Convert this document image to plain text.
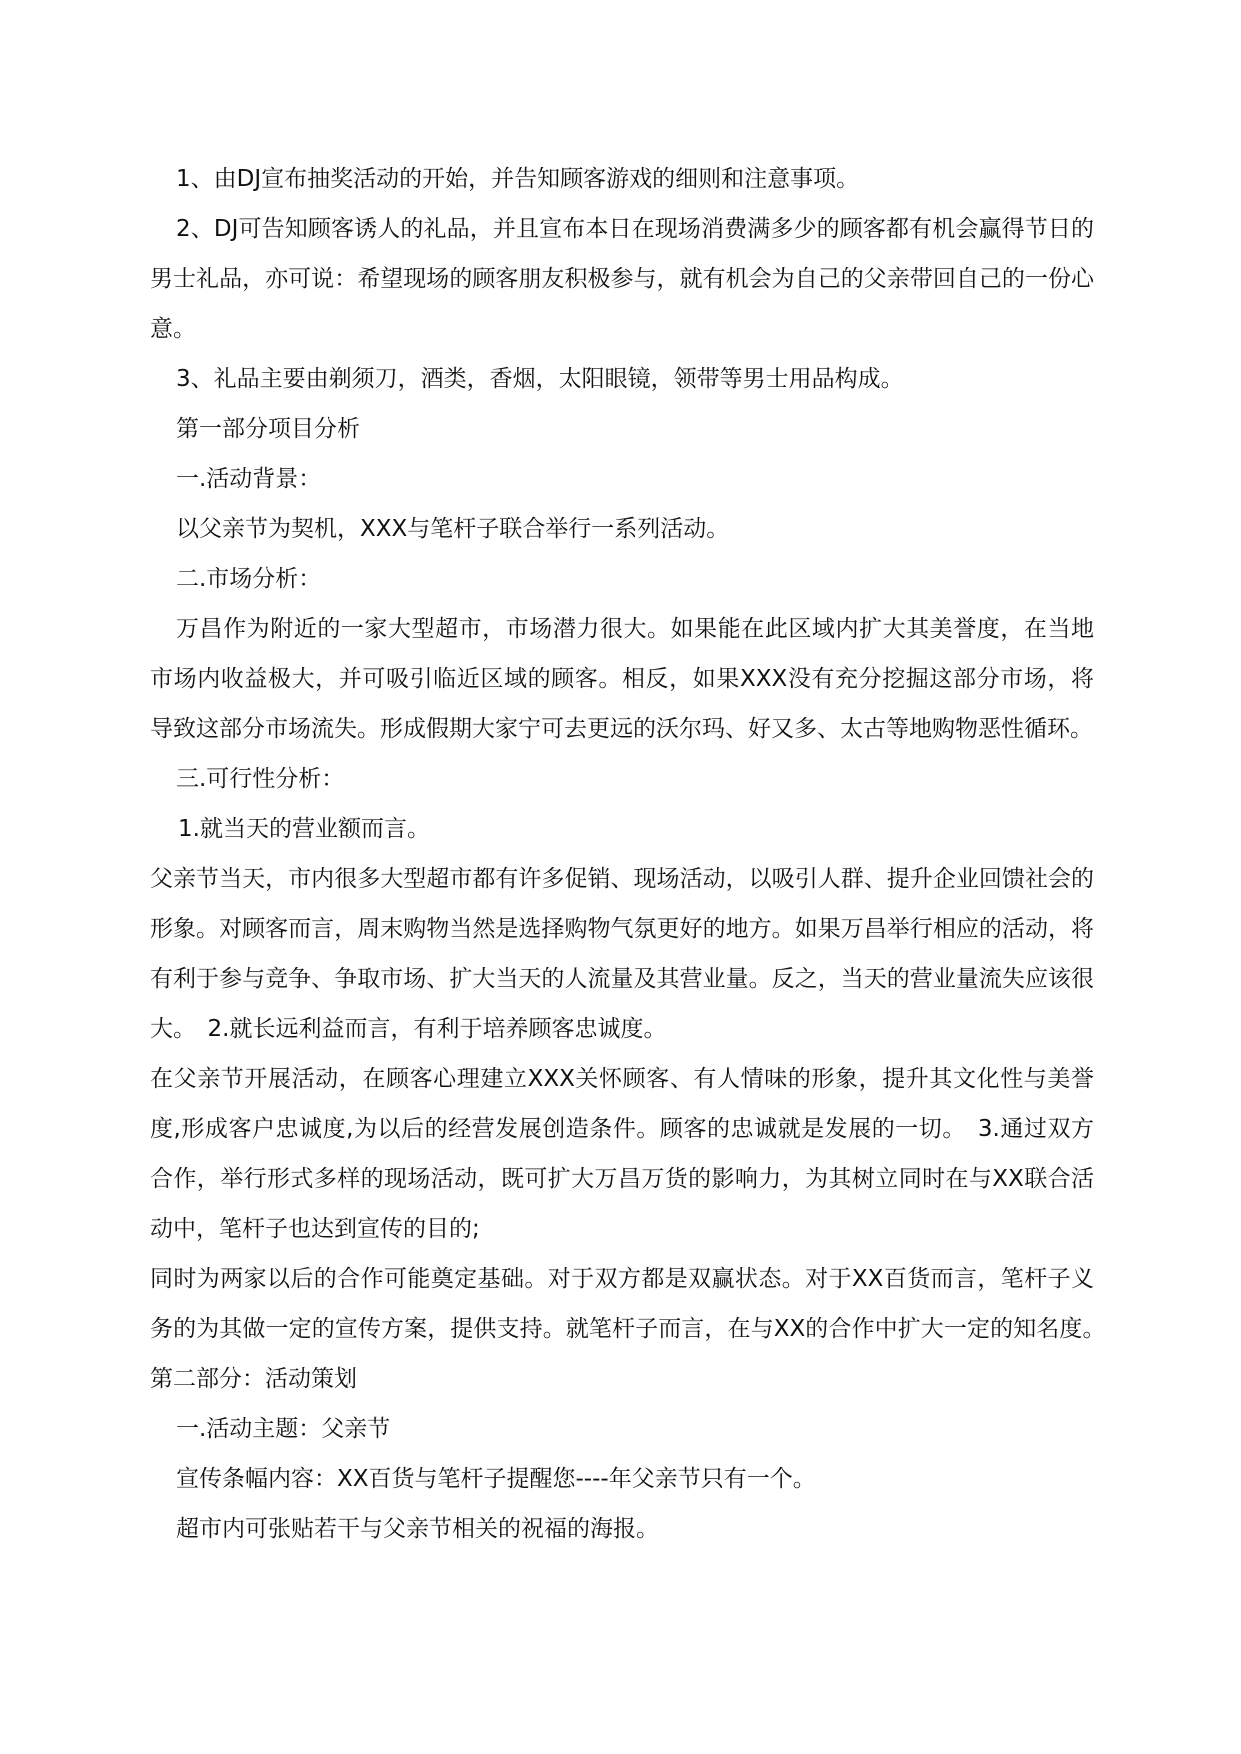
1、由DJ宣布抽奖活动的开始，并告知顾客游戏的细则和注意事项。

2、DJ可告知顾客诱人的礼品，并且宣布本日在现场消费满多少的顾客都有机会赢得节日的男士礼品，亦可说：希望现场的顾客朋友积极参与，就有机会为自己的父亲带回自己的一份心意。

3、礼品主要由剃须刀，酒类，香烟，太阳眼镜，领带等男士用品构成。

第一部分项目分析

一.活动背景：

以父亲节为契机，XXX与笔杆子联合举行一系列活动。

二.市场分析：

万昌作为附近的一家大型超市，市场潜力很大。如果能在此区域内扩大其美誉度，在当地市场内收益极大，并可吸引临近区域的顾客。相反，如果XXX没有充分挖掘这部分市场，将导致这部分市场流失。形成假期大家宁可去更远的沃尔玛、好又多、太古等地购物恶性循环。

三.可行性分析：

1.就当天的营业额而言。

父亲节当天，市内很多大型超市都有许多促销、现场活动，以吸引人群、提升企业回馈社会的形象。对顾客而言，周末购物当然是选择购物气氛更好的地方。如果万昌举行相应的活动，将有利于参与竞争、争取市场、扩大当天的人流量及其营业量。反之，当天的营业量流失应该很大。　2.就长远利益而言，有利于培养顾客忠诚度。

在父亲节开展活动，在顾客心理建立XXX关怀顾客、有人情味的形象，提升其文化性与美誉度,形成客户忠诚度,为以后的经营发展创造条件。顾客的忠诚就是发展的一切。　3.通过双方合作，举行形式多样的现场活动，既可扩大万昌万货的影响力，为其树立同时在与XX联合活动中，笔杆子也达到宣传的目的;

同时为两家以后的合作可能奠定基础。对于双方都是双赢状态。对于XX百货而言，笔杆子义务的为其做一定的宣传方案，提供支持。就笔杆子而言，在与XX的合作中扩大一定的知名度。　第二部分：活动策划

一.活动主题：父亲节

宣传条幅内容：XX百货与笔杆子提醒您----年父亲节只有一个。

超市内可张贴若干与父亲节相关的祝福的海报。
